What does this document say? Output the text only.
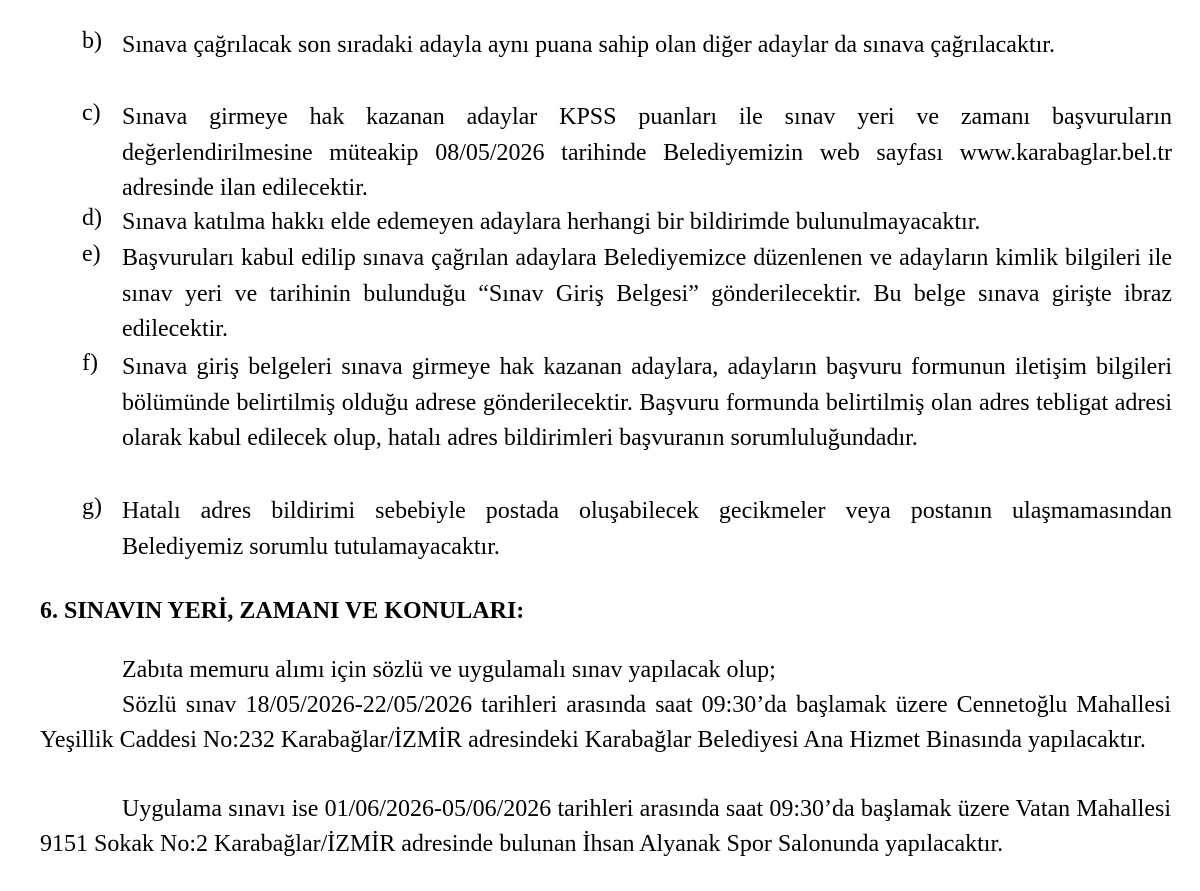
b) Sınava çağrılacak son sıradaki adayla aynı puana sahip olan diğer adaylar da sınava çağrılacaktır.
c) Sınava girmeye hak kazanan adaylar KPSS puanları ile sınav yeri ve zamanı başvuruların değerlendirilmesine müteakip 08/05/2026 tarihinde Belediyemizin web sayfası www.karabaglar.bel.tr adresinde ilan edilecektir.
d) Sınava katılma hakkı elde edemeyen adaylara herhangi bir bildirimde bulunulmayacaktır.
e) Başvuruları kabul edilip sınava çağrılan adaylara Belediyemizce düzenlenen ve adayların kimlik bilgileri ile sınav yeri ve tarihinin bulunduğu “Sınav Giriş Belgesi” gönderilecektir. Bu belge sınava girişte ibraz edilecektir.
f)	Sınava giriş belgeleri sınava girmeye hak kazanan adaylara, adayların başvuru formunun iletişim bilgileri bölümünde belirtilmiş olduğu adrese gönderilecektir. Başvuru formunda belirtilmiş olan adres tebligat adresi olarak kabul edilecek olup, hatalı adres bildirimleri başvuranın sorumluluğundadır.
g) Hatalı adres bildirimi sebebiyle postada oluşabilecek gecikmeler veya postanın ulaşmamasından Belediyemiz sorumlu tutulamayacaktır.
6. SINAVIN YERİ, ZAMANI VE KONULARI:
Zabıta memuru alımı için sözlü ve uygulamalı sınav yapılacak olup;
Sözlü sınav 18/05/2026-22/05/2026 tarihleri arasında saat 09:30’da başlamak üzere Cennetoğlu Mahallesi Yeşillik Caddesi No:232 Karabağlar/İZMİR adresindeki Karabağlar Belediyesi Ana Hizmet Binasında yapılacaktır.
Uygulama sınavı ise 01/06/2026-05/06/2026 tarihleri arasında saat 09:30’da başlamak üzere Vatan Mahallesi 9151 Sokak No:2 Karabağlar/İZMİR adresinde bulunan İhsan Alyanak Spor Salonunda yapılacaktır.
